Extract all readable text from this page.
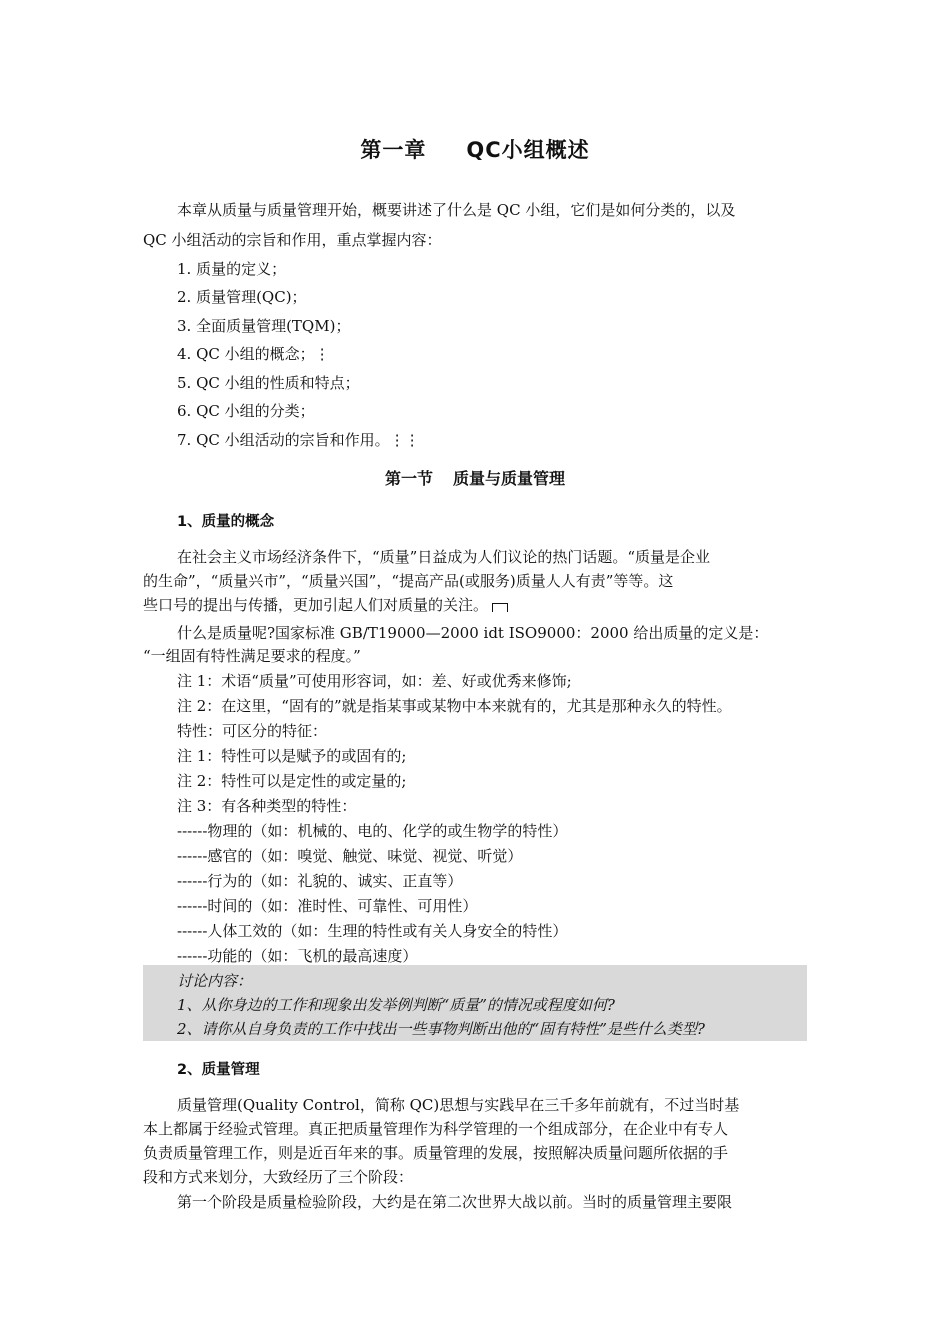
第一章 QC小组概述
本章从质量与质量管理开始，概要讲述了什么是 QC 小组，它们是如何分类的，以及
QC 小组活动的宗旨和作用，重点掌握内容：
1. 质量的定义；
2. 质量管理(QC)；
3. 全面质量管理(TQM)；
4. QC 小组的概念；⋮
5. QC 小组的性质和特点；
6. QC 小组的分类；
7. QC 小组活动的宗旨和作用。⋮⋮
第一节 质量与质量管理
1、质量的概念
在社会主义市场经济条件下，“质量”日益成为人们议论的热门话题。“质量是企业
的生命”，“质量兴市”，“质量兴国”，“提高产品(或服务)质量人人有责”等等。这
些口号的提出与传播，更加引起人们对质量的关注。
什么是质量呢?国家标准 GB/T19000—2000 idt ISO9000：2000 给出质量的定义是：
“一组固有特性满足要求的程度。”
注 1：术语“质量”可使用形容词，如：差、好或优秀来修饰;
注 2：在这里，“固有的”就是指某事或某物中本来就有的，尤其是那种永久的特性。
特性：可区分的特征：
注 1：特性可以是赋予的或固有的;
注 2：特性可以是定性的或定量的;
注 3：有各种类型的特性：
------物理的（如：机械的、电的、化学的或生物学的特性）
------感官的（如：嗅觉、触觉、味觉、视觉、听觉）
------行为的（如：礼貌的、诚实、正直等）
------时间的（如：准时性、可靠性、可用性）
------人体工效的（如：生理的特性或有关人身安全的特性）
------功能的（如：飞机的最高速度）
讨论内容：
1、从你身边的工作和现象出发举例判断“质量”的情况或程度如何?
2、请你从自身负责的工作中找出一些事物判断出他的“固有特性”是些什么类型?
2、质量管理
质量管理(Quality Control，简称 QC)思想与实践早在三千多年前就有，不过当时基
本上都属于经验式管理。真正把质量管理作为科学管理的一个组成部分，在企业中有专人
负责质量管理工作，则是近百年来的事。质量管理的发展，按照解决质量问题所依据的手
段和方式来划分，大致经历了三个阶段：
第一个阶段是质量检验阶段，大约是在第二次世界大战以前。当时的质量管理主要限
